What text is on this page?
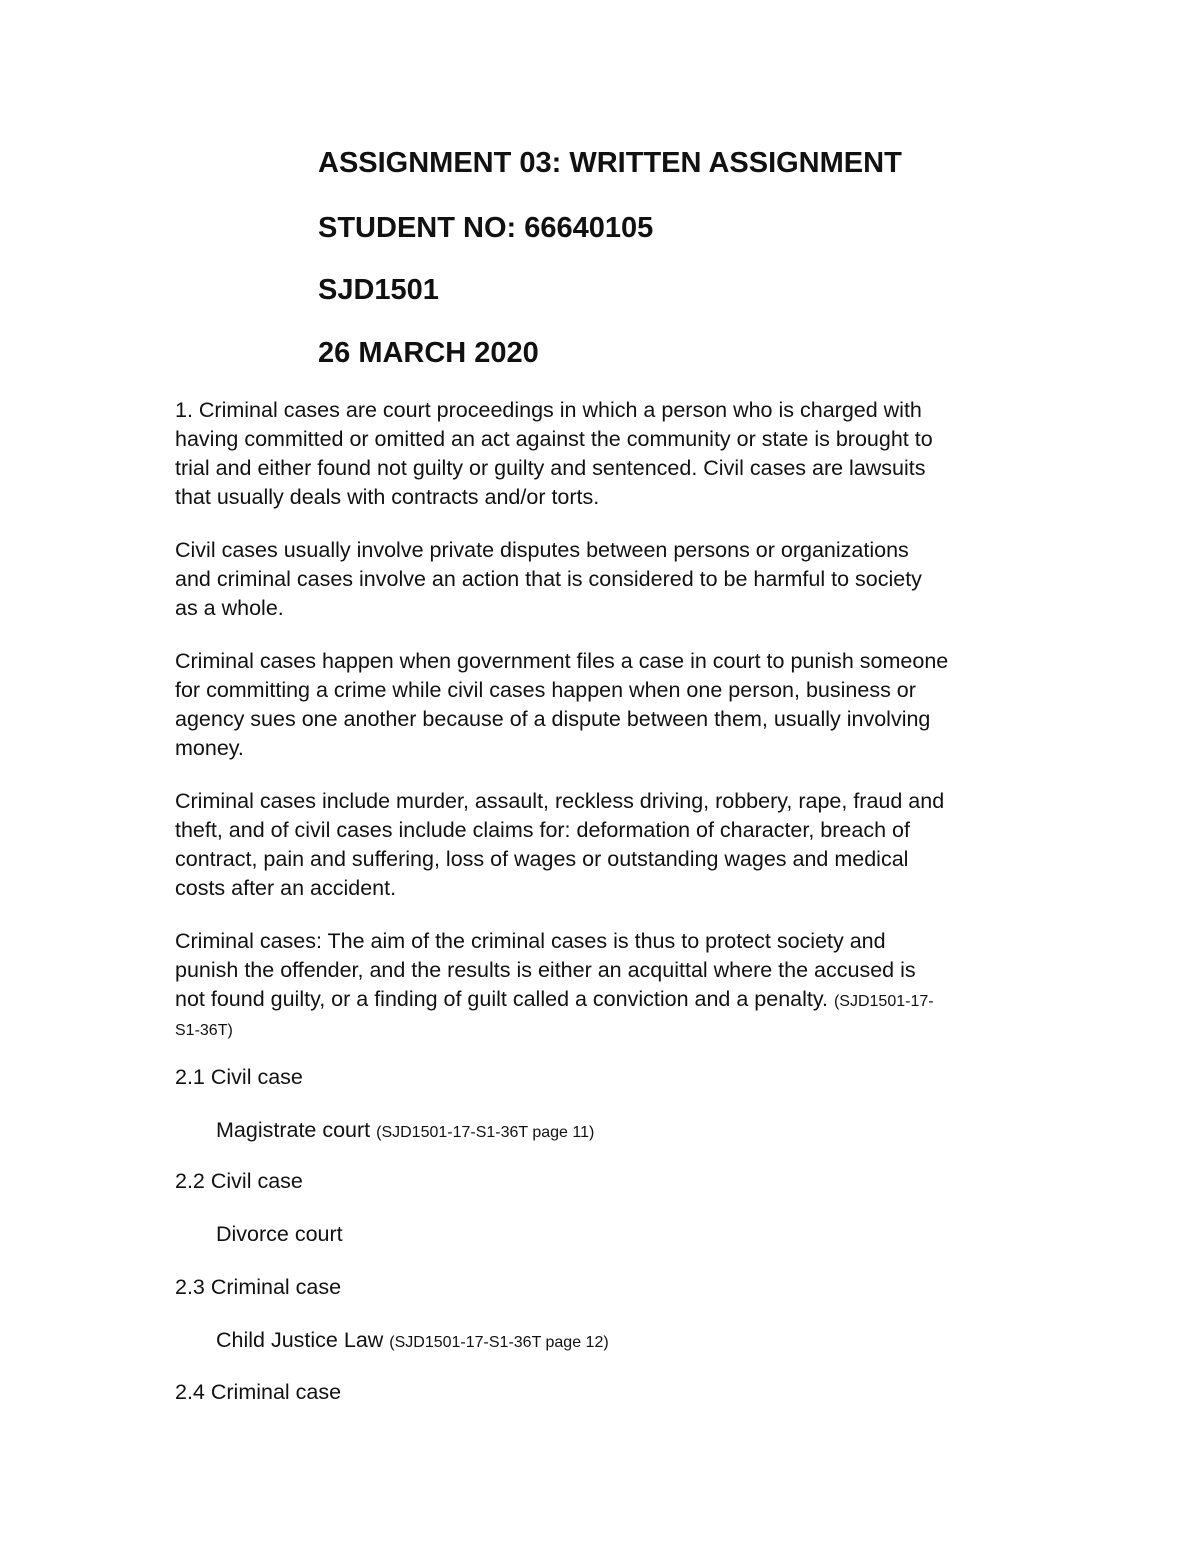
ASSIGNMENT 03: WRITTEN ASSIGNMENT
STUDENT NO: 66640105
SJD1501
26 MARCH 2020

1. Criminal cases are court proceedings in which a person who is charged with
having committed or omitted an act against the community or state is brought to
trial and either found not guilty or guilty and sentenced. Civil cases are lawsuits
that usually deals with contracts and/or torts.

Civil cases usually involve private disputes between persons or organizations
and criminal cases involve an action that is considered to be harmful to society
as a whole.

Criminal cases happen when government files a case in court to punish someone
for committing a crime while civil cases happen when one person, business or
agency sues one another because of a dispute between them, usually involving
money.

Criminal cases include murder, assault, reckless driving, robbery, rape, fraud and
theft, and of civil cases include claims for: deformation of character, breach of
contract, pain and suffering, loss of wages or outstanding wages and medical
costs after an accident.

Criminal cases: The aim of the criminal cases is thus to protect society and
punish the offender, and the results is either an acquittal where the accused is
not found guilty, or a finding of guilt called a conviction and a penalty. (SJD1501-17-
S1-36T)

2.1 Civil case
Magistrate court (SJD1501-17-S1-36T page 11)
2.2 Civil case
Divorce court
2.3 Criminal case
Child Justice Law (SJD1501-17-S1-36T page 12)
2.4 Criminal case
